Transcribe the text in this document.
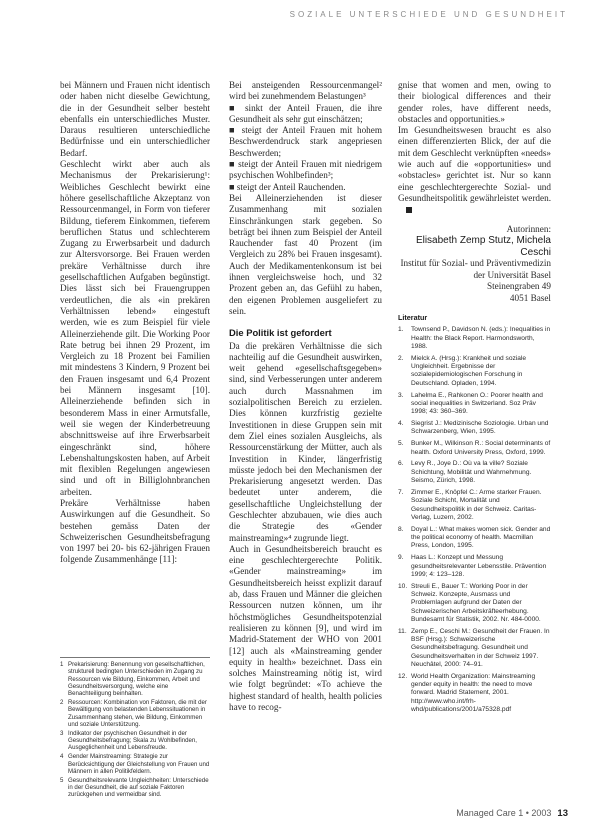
SOZIALE UNTERSCHIEDE UND GESUNDHEIT

bei Männern und Frauen nicht identisch oder haben nicht dieselbe Gewichtung, die in der Gesundheit selber besteht ebenfalls ein unterschiedliches Muster. Daraus resultieren unterschiedliche Bedürfnisse und ein unterschiedlicher Bedarf.

Geschlecht wirkt aber auch als Mechanismus der Prekarisierung¹: Weibliches Geschlecht bewirkt eine höhere gesellschaftliche Akzeptanz von Ressourcenmangel, in Form von tieferer Bildung, tieferem Einkommen, tieferem beruflichen Status und schlechterem Zugang zu Erwerbsarbeit und dadurch zur Altersvorsorge. Bei Frauen werden prekäre Verhältnisse durch ihre gesellschaftlichen Aufgaben begünstigt. Dies lässt sich bei Frauengruppen verdeutlichen, die als «in prekären Verhältnissen lebend» eingestuft werden, wie es zum Beispiel für viele Alleinerziehende gilt. Die Working Poor Rate betrug bei ihnen 29 Prozent, im Vergleich zu 18 Prozent bei Familien mit mindestens 3 Kindern, 9 Prozent bei den Frauen insgesamt und 6,4 Prozent bei Männern insgesamt [10]. Alleinerziehende befinden sich in besonderem Mass in einer Armutsfalle, weil sie wegen der Kinderbetreuung abschnittsweise auf ihre Erwerbsarbeit eingeschränkt sind, höhere Lebenshaltungskosten haben, auf Arbeit mit flexiblen Regelungen angewiesen sind und oft in Billiglohnbranchen arbeiten.

Prekäre Verhältnisse haben Auswirkungen auf die Gesundheit. So bestehen gemäss Daten der Schweizerischen Gesundheitsbefragung von 1997 bei 20- bis 62-jährigen Frauen folgende Zusammenhänge [11]:

1 Prekarisierung: Benennung von gesellschaftlichen, strukturell bedingten Unterschieden im Zugang zu Ressourcen wie Bildung, Einkommen, Arbeit und Gesundheitsversorgung, welche eine Benachteiligung beinhalten.
2 Ressourcen: Kombination von Faktoren, die mit der Bewältigung von belastenden Lebenssituationen in Zusammenhang stehen, wie Bildung, Einkommen und soziale Unterstützung.
3 Indikator der psychischen Gesundheit in der Gesundheitsbefragung; Skala zu Wohlbefinden, Ausgeglichenheit und Lebensfreude.
4 Gender Mainstreaming: Strategie zur Berücksichtigung der Gleichstellung von Frauen und Männern in allen Politikfeldern.
5 Gesundheitsrelevante Ungleichheiten: Unterschiede in der Gesundheit, die auf soziale Faktoren zurückgehen und vermeidbar sind.

Bei ansteigenden Ressourcenmangel² wird bei zunehmendem Belastungen³

■ sinkt der Anteil Frauen, die ihre Gesundheit als sehr gut einschätzen;

■ steigt der Anteil Frauen mit hohem Beschwerdendruck stark angepriesen Beschwerden;

■ steigt der Anteil Frauen mit niedrigem psychischen Wohlbefinden³;

■ steigt der Anteil Rauchenden.

Bei Alleinerziehenden ist dieser Zusammenhang mit sozialen Einschränkungen stark gegeben. So beträgt bei ihnen zum Beispiel der Anteil Rauchender fast 40 Prozent (im Vergleich zu 28% bei Frauen insgesamt). Auch der Medikamentenkonsum ist bei ihnen vergleichsweise hoch, und 32 Prozent geben an, das Gefühl zu haben, den eigenen Problemen ausgeliefert zu sein.

Die Politik ist gefordert

Da die prekären Verhältnisse die sich nachteilig auf die Gesundheit auswirken, weit gehend «gesellschaftsgegeben» sind, sind Verbesserungen unter anderem auch durch Massnahmen im sozialpolitischen Bereich zu erzielen. Dies können kurzfristig gezielte Investitionen in diese Gruppen sein mit dem Ziel eines sozialen Ausgleichs, als Ressourcenstärkung der Mütter, auch als Investition in Kinder, längerfristig müsste jedoch bei den Mechanismen der Prekarisierung angesetzt werden. Das bedeutet unter anderem, die gesellschaftliche Ungleichstellung der Geschlechter abzubauen, wie dies auch die Strategie des «Gender mainstreaming»⁴ zugrunde liegt.

Auch in Gesundheitsbereich braucht es eine geschlechtergerechte Politik. «Gender mainstreaming» im Gesundheitsbereich heisst explizit darauf ab, dass Frauen und Männer die gleichen Ressourcen nutzen können, um ihr höchstmögliches Gesundheitspotenzial realisieren zu können [9], und wird im Madrid-Statement der WHO von 2001 [12] auch als «Mainstreaming gender equity in health» bezeichnet. Dass ein solches Mainstreaming nötig ist, wird wie folgt begründet: «To achieve the highest standard of health, health policies have to recog-

gnise that women and men, owing to their biological differences and their gender roles, have different needs, obstacles and opportunities.»

Im Gesundheitswesen braucht es also einen differenzierten Blick, der auf die mit dem Geschlecht verknüpften «needs» wie auch auf die «opportunities» und «obstacles» gerichtet ist. Nur so kann eine geschlechtergerechte Sozial- und Gesundheitspolitik gewährleistet werden.

Autorinnen:
Elisabeth Zemp Stutz, Michela Ceschi
Institut für Sozial- und Präventivmedizin der Universität Basel
Steinengraben 49
4051 Basel
Literatur
1.	Townsend P., Davidson N. (eds.): Inequalities in Health: the Black Report. Harmondsworth, 1988.
2.	Mielck A. (Hrsg.): Krankheit und soziale Ungleichheit. Ergebnisse der sozialepidemiologischen Forschung in Deutschland. Opladen, 1994.
3.	Lahelma E., Rahkonen O.: Poorer health and social inequalities in Switzerland. Soz Präv 1998; 43: 360–369.
4.	Siegrist J.: Medizinische Soziologie. Urban und Schwarzenberg, Wien, 1995.
5.	Bunker M., Wilkinson R.: Social determinants of health. Oxford University Press, Oxford, 1999.
6.	Levy R., Joye D.: Où va la ville? Soziale Schichtung, Mobilität und Wahrnehmung. Seismo, Zürich, 1998.
7.	Zimmer E., Knöpfel C.: Arme starker Frauen. Soziale Schicht, Mortalität und Gesundheitspolitik in der Schweiz. Caritas-Verlag, Luzern, 2002.
8.	Doyal L.: What makes women sick. Gender and the political economy of health. Macmillan Press, London, 1995.
9.	Haas L.: Konzept und Messung gesundheitsrelevanter Lebensstile. Prävention 1999; 4: 123–128.
10. Streuli E., Bauer T.: Working Poor in der Schweiz. Konzepte, Ausmass und Problemlagen aufgrund der Daten der Schweizerischen Arbeitskräfteerhebung. Bundesamt für Statistik, 2002. Nr. 484-0000.
11. Zemp E., Ceschi M.: Gesundheit der Frauen. In BSF (Hrsg.): Schweizerische Gesundheitsbefragung. Gesundheit und Gesundheitsverhalten in der Schweiz 1997. Neuchâtel, 2000: 74–91.
12. World Health Organization: Mainstreaming gender equity in health: the need to move forward. Madrid Statement, 2001. http://www.who.int/frh-whd/publications/2001/a75328.pdf
Managed Care 1 • 2003 13
